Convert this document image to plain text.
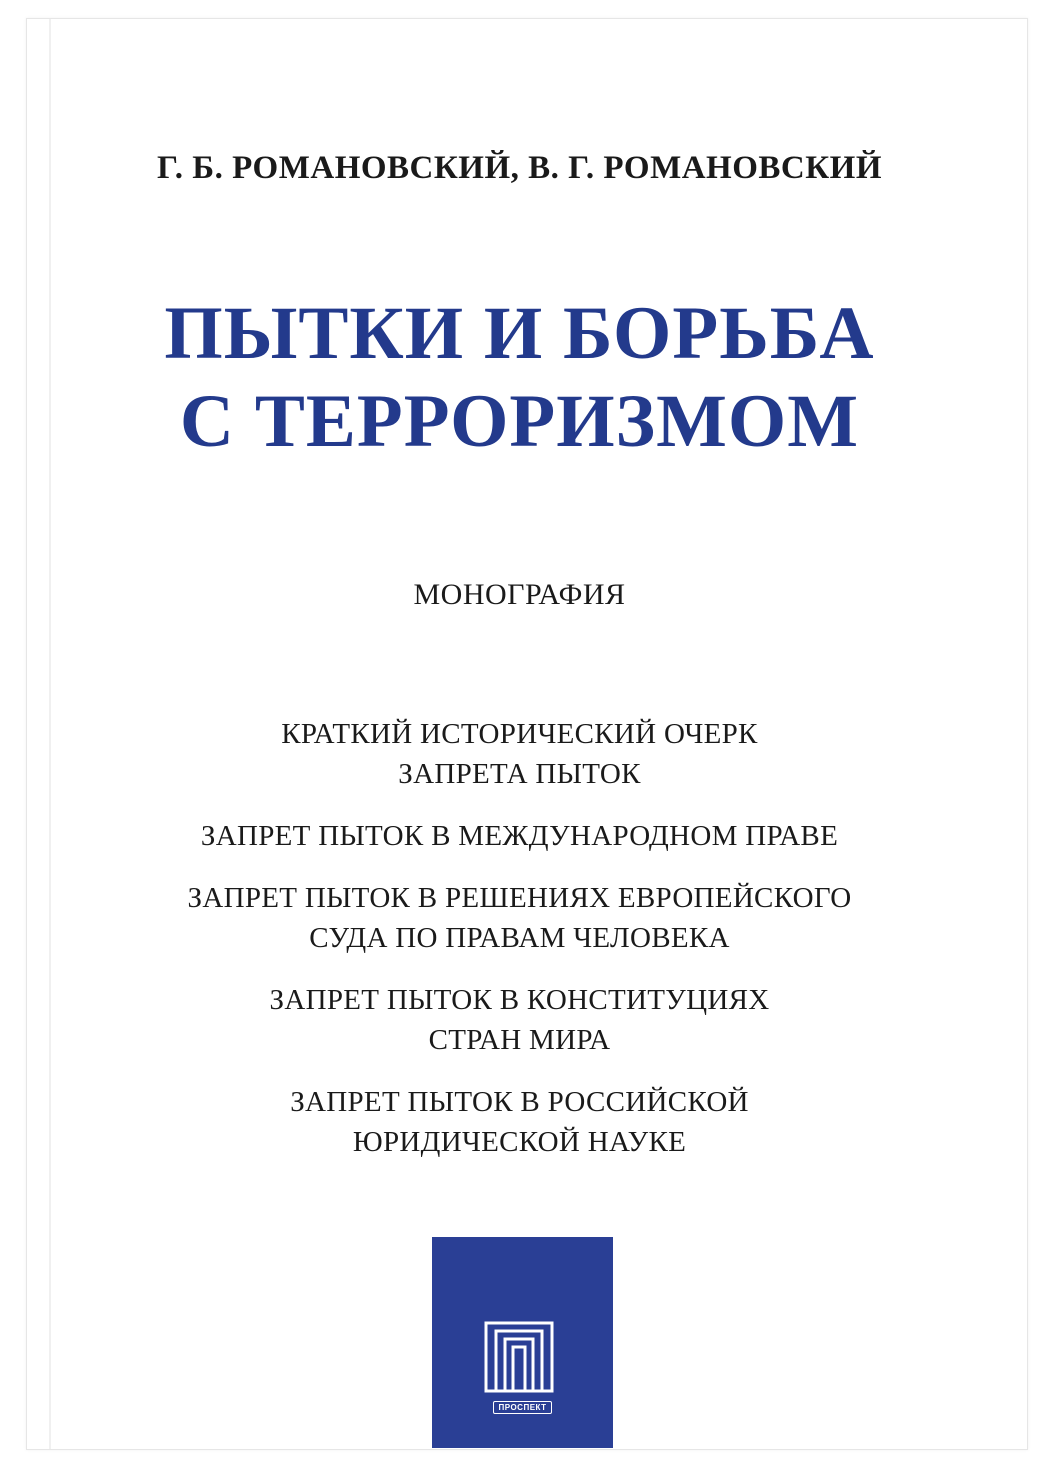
Г. Б. РОМАНОВСКИЙ, В. Г. РОМАНОВСКИЙ
ПЫТКИ И БОРЬБА
С ТЕРРОРИЗМОМ
МОНОГРАФИЯ
КРАТКИЙ ИСТОРИЧЕСКИЙ ОЧЕРК
ЗАПРЕТА ПЫТОК
ЗАПРЕТ ПЫТОК В МЕЖДУНАРОДНОМ ПРАВЕ
ЗАПРЕТ ПЫТОК В РЕШЕНИЯХ ЕВРОПЕЙСКОГО
СУДА ПО ПРАВАМ ЧЕЛОВЕКА
ЗАПРЕТ ПЫТОК В КОНСТИТУЦИЯХ
СТРАН МИРА
ЗАПРЕТ ПЫТОК В РОССИЙСКОЙ
ЮРИДИЧЕСКОЙ НАУКЕ
ПРОСПЕКТ
